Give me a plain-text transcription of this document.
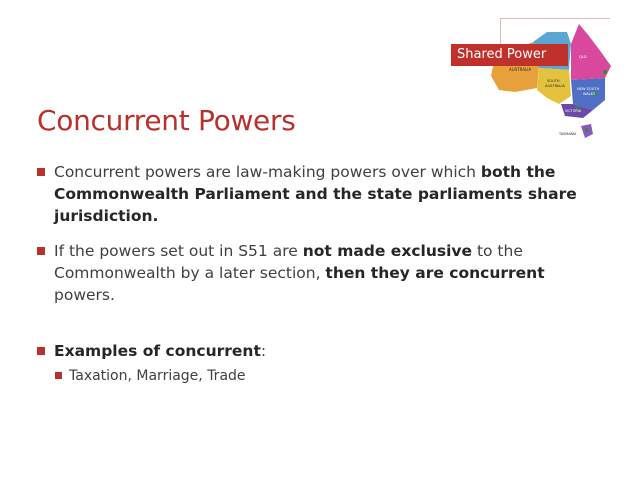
AUSTRALIA
SOUTH
AUSTRALIA
QLD
NEW SOUTH
WALES
VICTORIA
TASMANIA
Shared Power
Concurrent Powers
Concurrent powers are law-making powers over which both the Commonwealth Parliament and the state parliaments share jurisdiction.
If the powers set out in S51 are not made exclusive to the Commonwealth by a later section, then they are concurrent powers.
Examples of concurrent:
Taxation, Marriage, Trade
